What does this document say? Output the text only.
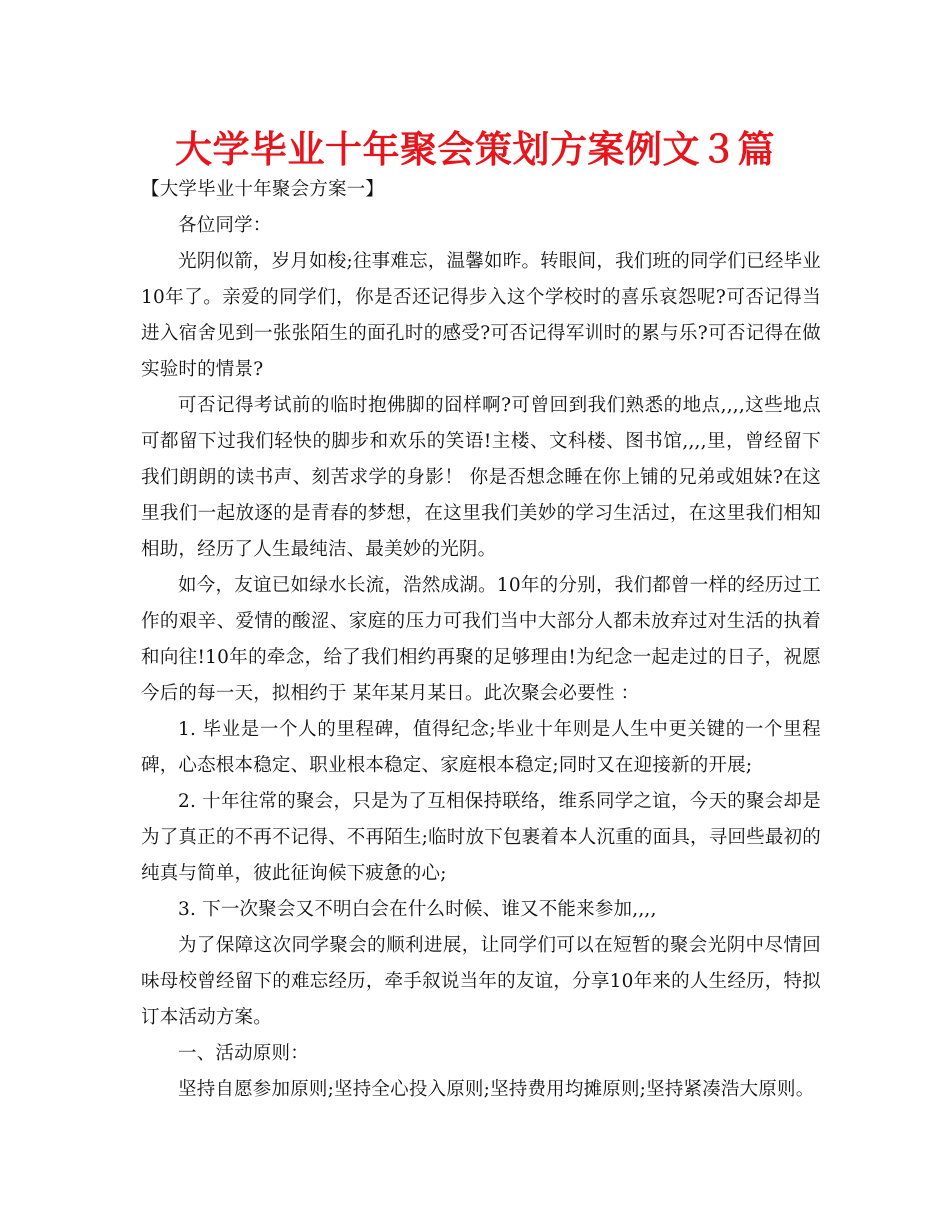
大学毕业十年聚会策划方案例文３篇

【大学毕业十年聚会方案一】

各位同学：

光阴似箭，岁月如梭;往事难忘，温馨如昨。转眼间，我们班的同学们已经毕业10年了。亲爱的同学们，你是否还记得步入这个学校时的喜乐哀怨呢?可否记得当进入宿舍见到一张张陌生的面孔时的感受?可否记得军训时的累与乐?可否记得在做实验时的情景?

可否记得考试前的临时抱佛脚的囧样啊?可曾回到我们熟悉的地点,,,,这些地点可都留下过我们轻快的脚步和欢乐的笑语!主楼、文科楼、图书馆,,,,里，曾经留下我们朗朗的读书声、刻苦求学的身影！ 你是否想念睡在你上铺的兄弟或姐妹?在这里我们一起放逐的是青春的梦想，在这里我们美妙的学习生活过，在这里我们相知相助，经历了人生最纯洁、最美妙的光阴。

如今，友谊已如绿水长流，浩然成湖。10年的分别，我们都曾一样的经历过工作的艰辛、爱情的酸涩、家庭的压力可我们当中大部分人都未放弃过对生活的执着和向往!10年的牵念，给了我们相约再聚的足够理由!为纪念一起走过的日子，祝愿今后的每一天，拟相约于 某年某月某日。此次聚会必要性 ：

1. 毕业是一个人的里程碑，值得纪念;毕业十年则是人生中更关键的一个里程碑，心态根本稳定、职业根本稳定、家庭根本稳定;同时又在迎接新的开展;

2. 十年往常的聚会，只是为了互相保持联络，维系同学之谊，今天的聚会却是为了真正的不再不记得、不再陌生;临时放下包裹着本人沉重的面具，寻回些最初的纯真与简单，彼此征询候下疲惫的心;

3. 下一次聚会又不明白会在什么时候、谁又不能来参加,,,,

为了保障这次同学聚会的顺利进展，让同学们可以在短暂的聚会光阴中尽情回味母校曾经留下的难忘经历，牵手叙说当年的友谊，分享10年来的人生经历，特拟订本活动方案。

一、活动原则：

坚持自愿参加原则;坚持全心投入原则;坚持费用均摊原则;坚持紧凑浩大原则。
